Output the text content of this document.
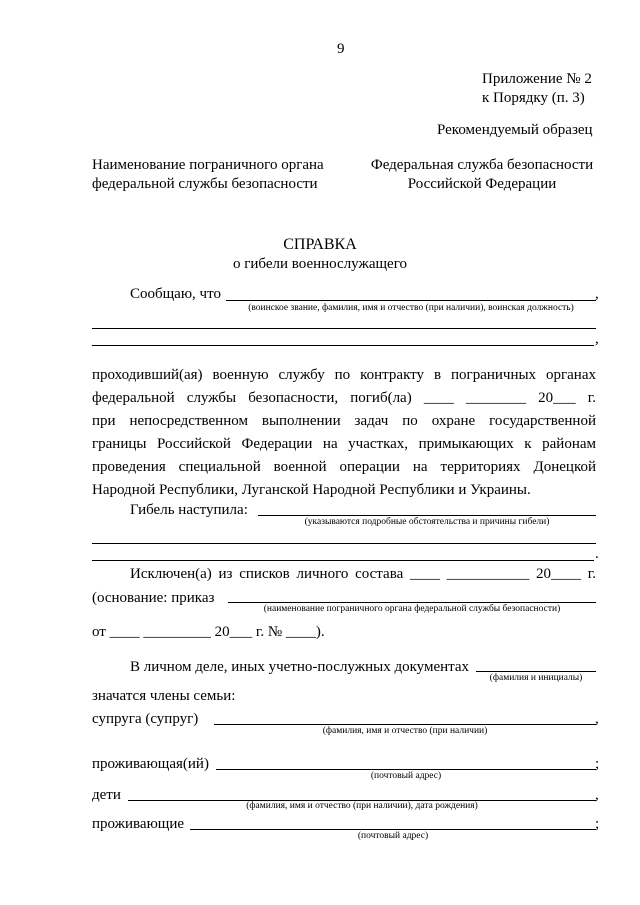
9
Приложение № 2
к Порядку (п. 3)
Рекомендуемый образец
Наименование пограничного органа
федеральной службы безопасности
Федеральная служба безопасности
Российской Федерации
СПРАВКА
о гибели военнослужащего
Сообщаю, что	,
(воинское звание, фамилия, имя и отчество (при наличии), воинская должность)
,
проходивший(ая) военную службу по контракту в пограничных органах
федеральной службы безопасности, погиб(ла) ____ ________ 20___ г.
при непосредственном выполнении задач по охране государственной
границы Российской Федерации на участках, примыкающих к районам
проведения специальной военной операции на территориях Донецкой
Народной Республики, Луганской Народной Республики и Украины.
Гибель наступила:
(указываются подробные обстоятельства и причины гибели)
.
Исключен(а) из списков личного состава ____ ___________ 20____ г.
(основание: приказ
(наименование пограничного органа федеральной службы безопасности)
от ____ _________ 20___ г. № ____).
В личном деле, иных учетно-послужных документах
(фамилия и инициалы)
значатся члены семьи:
супруга (супруг)	,
(фамилия, имя и отчество (при наличии)
проживающая(ий)	;
(почтовый адрес)
дети	,
(фамилия, имя и отчество (при наличии), дата рождения)
проживающие	;
(почтовый адрес)
